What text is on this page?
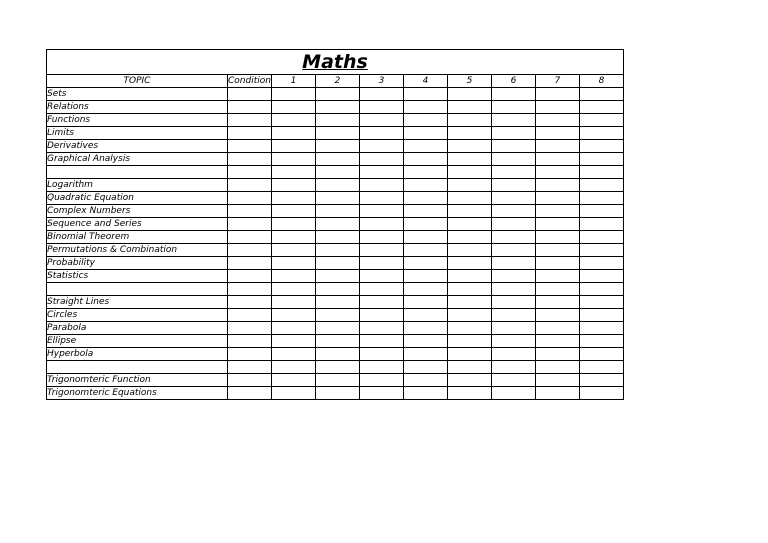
Maths									
TOPIC	Condition	1	2	3	4	5	6	7	8
Sets									
Relations									
Functions									
Limits									
Derivatives									
Graphical Analysis									

Logarithm									
Quadratic Equation									
Complex Numbers									
Sequence and Series									
Binomial Theorem									
Permutations & Combination									
Probability									
Statistics									

Straight Lines									
Circles									
Parabola									
Ellipse									
Hyperbola									

Trigonomteric Function									
Trigonomteric Equations									
